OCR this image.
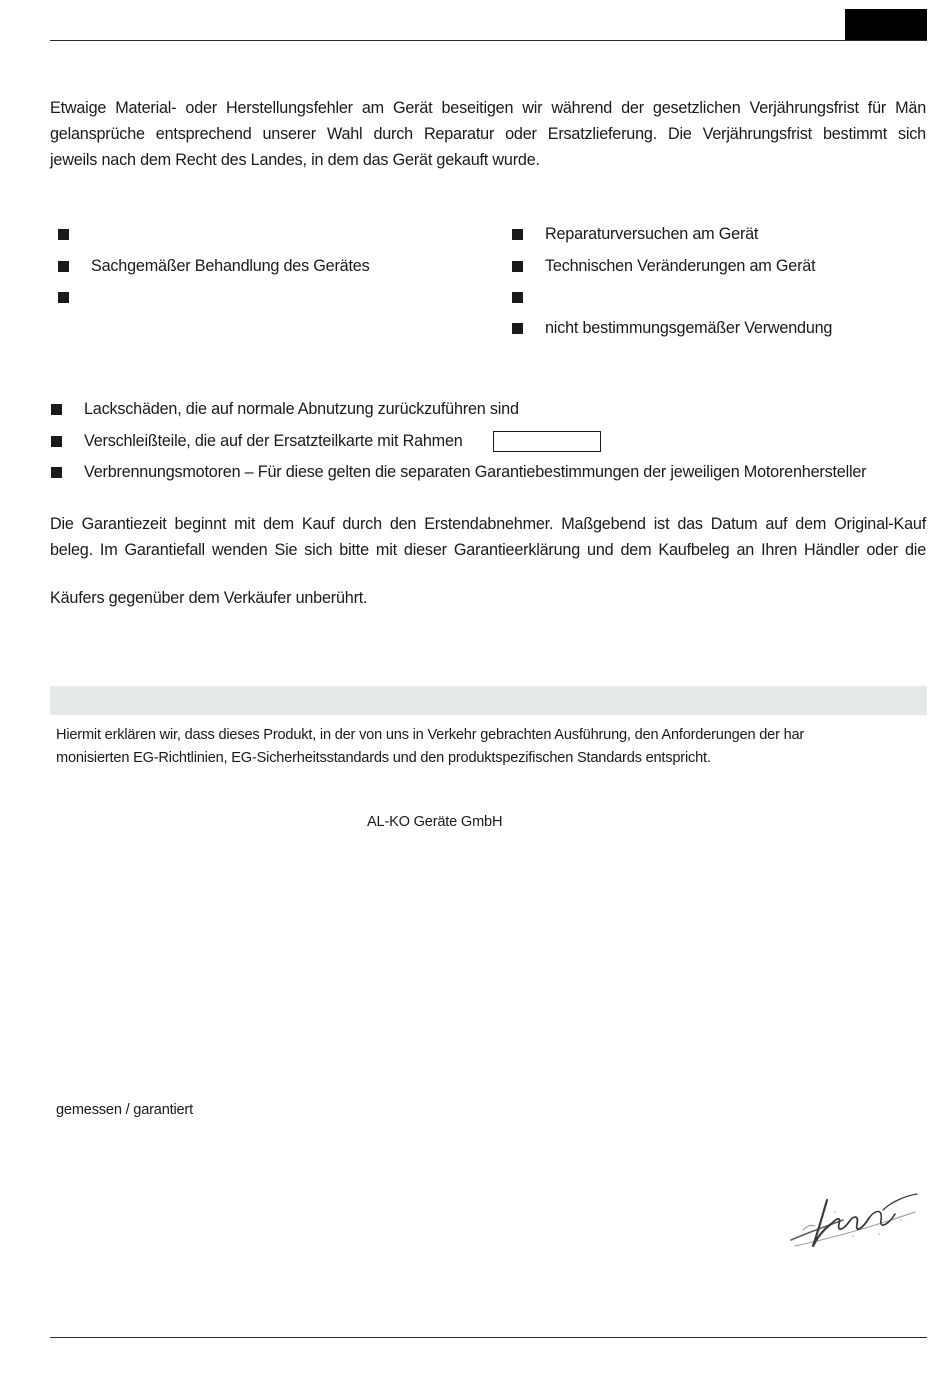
Etwaige Material- oder Herstellungsfehler am Gerät beseitigen wir während der gesetzlichen Verjährungsfrist für Män
gelansprüche entsprechend unserer Wahl durch Reparatur oder Ersatzlieferung. Die Verjährungsfrist bestimmt sich
jeweils nach dem Recht des Landes, in dem das Gerät gekauft wurde.
Sachgemäßer Behandlung des Gerätes
Reparaturversuchen am Gerät
Technischen Veränderungen am Gerät
nicht bestimmungsgemäßer Verwendung
Lackschäden, die auf normale Abnutzung zurückzuführen sind
Verschleißteile, die auf der Ersatzteilkarte mit Rahmen
Verbrennungsmotoren – Für diese gelten die separaten Garantiebestimmungen der jeweiligen Motorenhersteller
Die Garantiezeit beginnt mit dem Kauf durch den Erstendabnehmer. Maßgebend ist das Datum auf dem Original-Kauf
beleg. Im Garantiefall wenden Sie sich bitte mit dieser Garantieerklärung und dem Kaufbeleg an Ihren Händler oder die
Käufers gegenüber dem Verkäufer unberührt.
Hiermit erklären wir, dass dieses Produkt, in der von uns in Verkehr gebrachten Ausführung, den Anforderungen der har
monisierten EG-Richtlinien, EG-Sicherheitsstandards und den produktspezifischen Standards entspricht.
AL-KO Geräte GmbH
gemessen / garantiert
